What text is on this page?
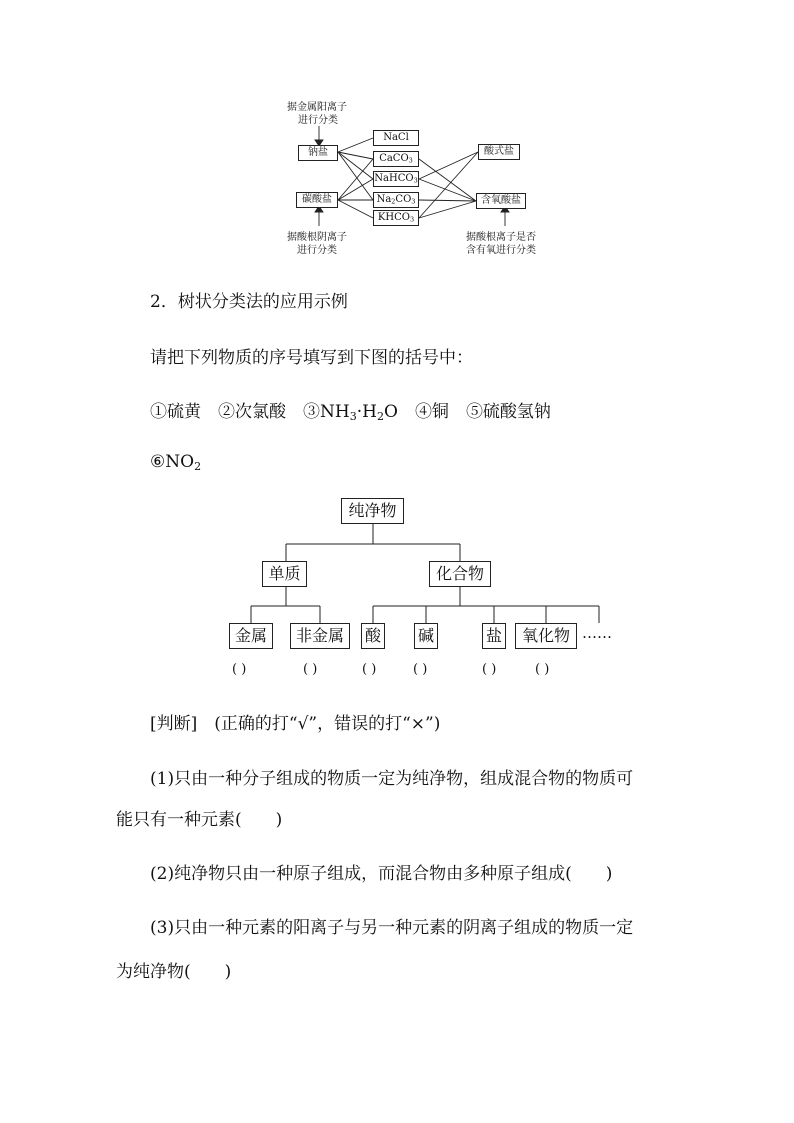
据金属阳离子
进行分类
钠盐
碳酸盐
NaCl
CaCO$_3$
NaHCO$_3$
$Na_2CO_3$
$KHCO_3$
酸式盐
含氧酸盐
据酸根阴离子
进行分类
据酸根离子是否
含有氧进行分类
2．树状分类法的应用示例
请把下列物质的序号填写到下图的括号中：
①硫黄　 ②次氯酸　 $③NH_3\cdot H_2O$　 ④铜　 ⑤硫酸氢钠
$⑥NO_2$
纯净物
单质	化合物
金属	非金属	酸 碱	盐	氧化物 ……
( )	( )	( )	( )	( )	( )
[判断]　(正确的打“√”，错误的打“×”)
(1)只由一种分子组成的物质一定为纯净物，组成混合物的物质可
能只有一种元素(　　)
(2)纯净物只由一种原子组成，而混合物由多种原子组成(　　)
(3)只由一种元素的阳离子与另一种元素的阴离子组成的物质一定
为纯净物(　　)
